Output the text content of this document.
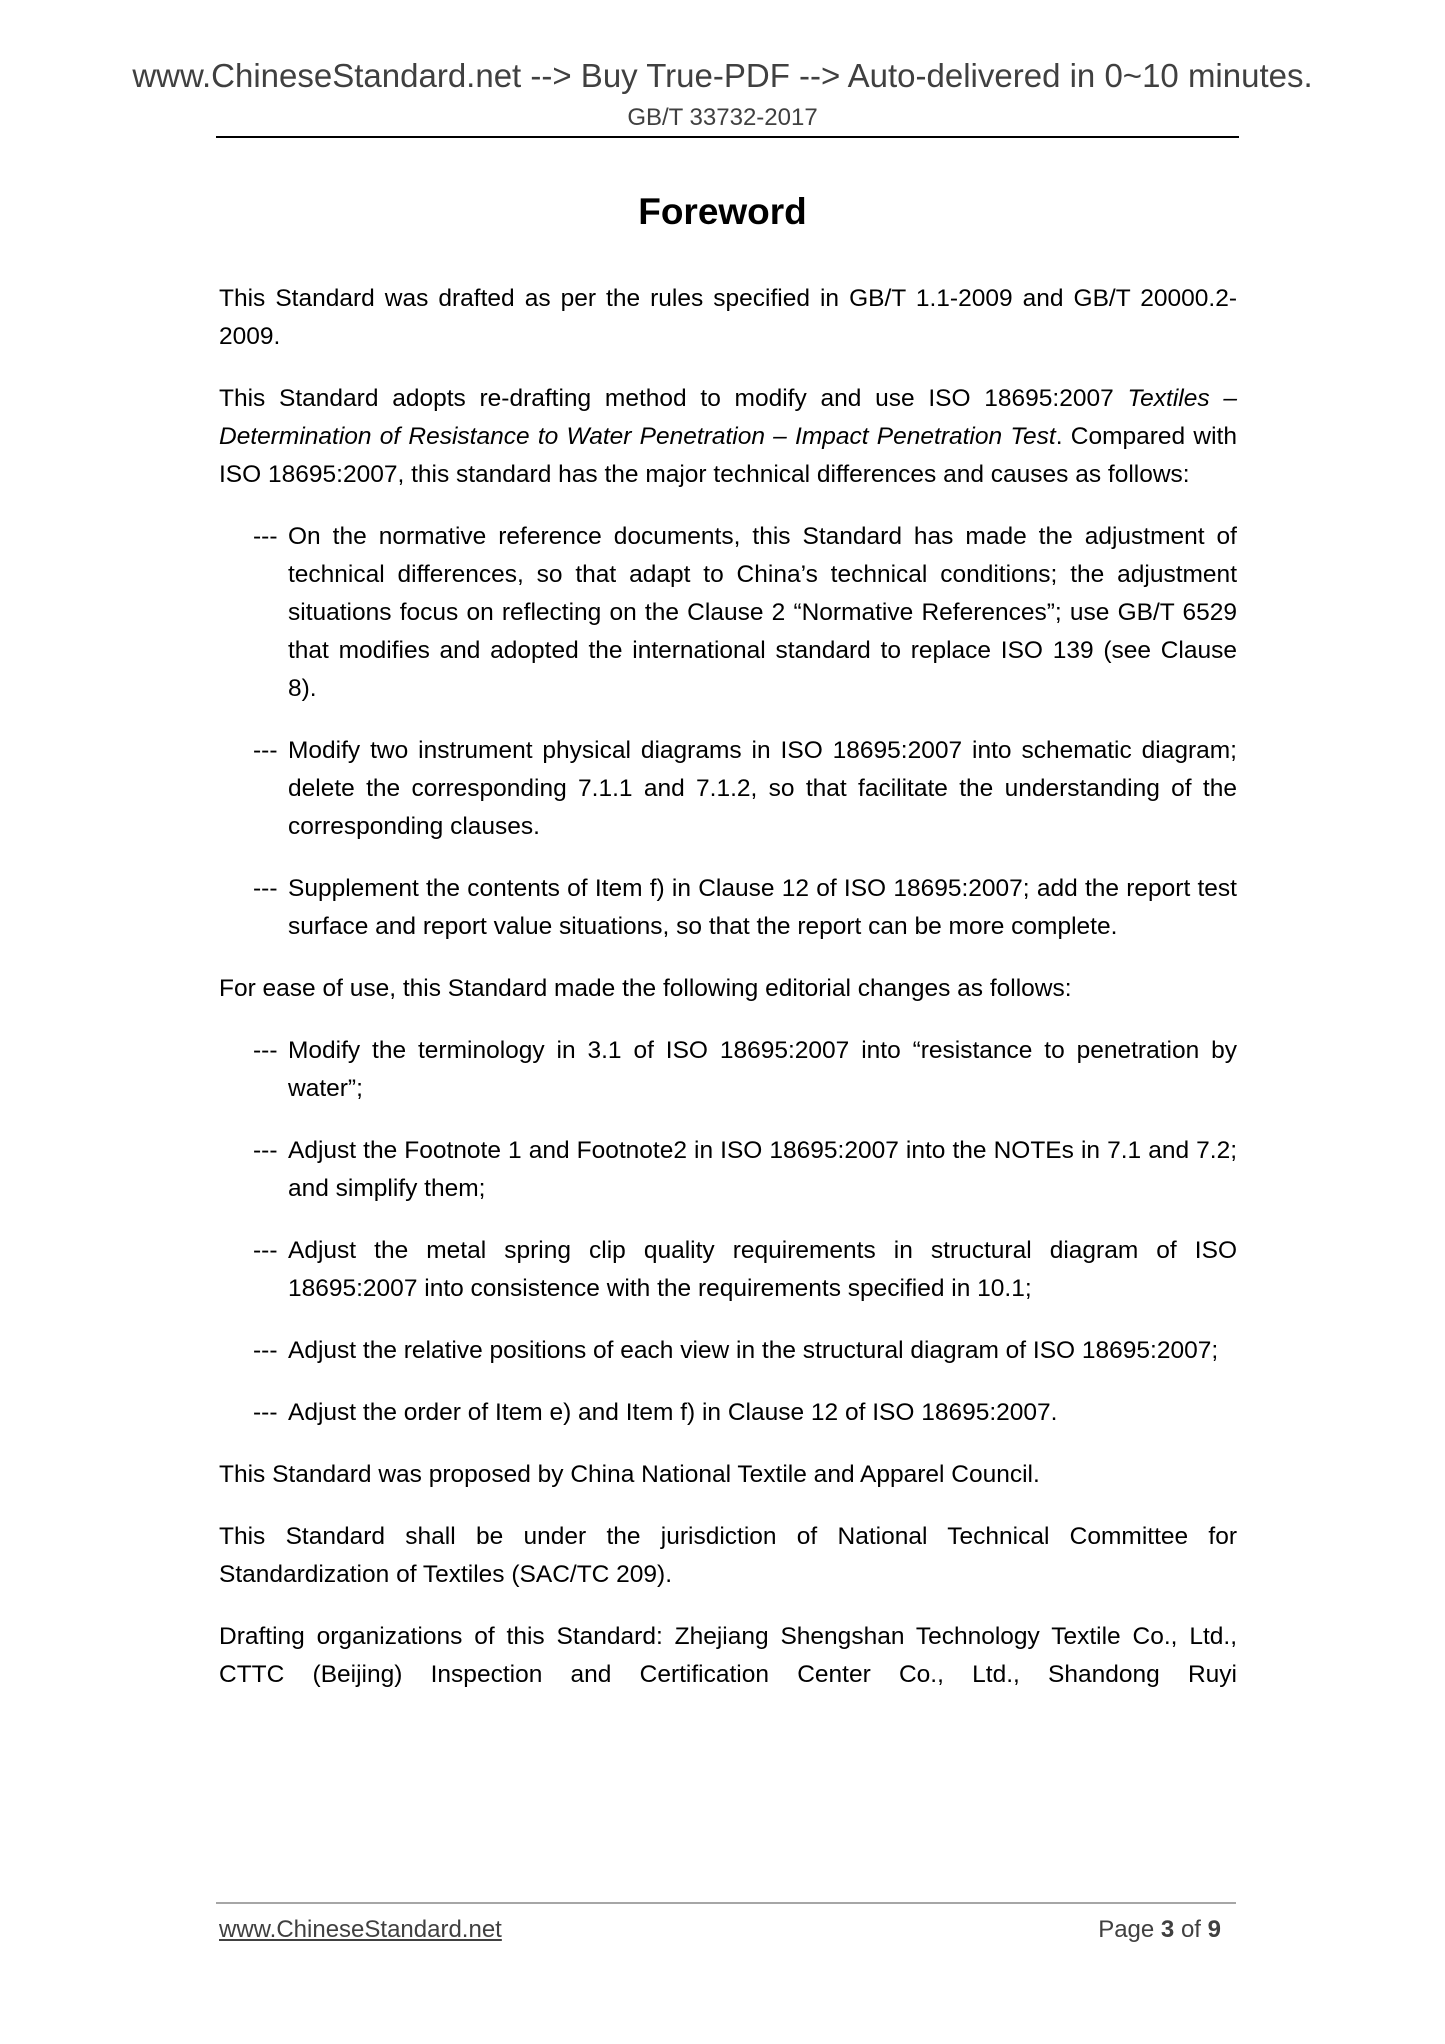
www.ChineseStandard.net --> Buy True-PDF --> Auto-delivered in 0~10 minutes.
GB/T 33732-2017
Foreword

This Standard was drafted as per the rules specified in GB/T 1.1-2009 and GB/T 20000.2-2009.

This Standard adopts re-drafting method to modify and use ISO 18695:2007 Textiles – Determination of Resistance to Water Penetration – Impact Penetration Test. Compared with ISO 18695:2007, this standard has the major technical differences and causes as follows:

--- On the normative reference documents, this Standard has made the adjustment of technical differences, so that adapt to China’s technical conditions; the adjustment situations focus on reflecting on the Clause 2 “Normative References”; use GB/T 6529 that modifies and adopted the international standard to replace ISO 139 (see Clause 8).
--- Modify two instrument physical diagrams in ISO 18695:2007 into schematic diagram; delete the corresponding 7.1.1 and 7.1.2, so that facilitate the understanding of the corresponding clauses.
--- Supplement the contents of Item f) in Clause 12 of ISO 18695:2007; add the report test surface and report value situations, so that the report can be more complete.

For ease of use, this Standard made the following editorial changes as follows:

--- Modify the terminology in 3.1 of ISO 18695:2007 into “resistance to penetration by water”;
--- Adjust the Footnote 1 and Footnote2 in ISO 18695:2007 into the NOTEs in 7.1 and 7.2; and simplify them;
--- Adjust the metal spring clip quality requirements in structural diagram of ISO 18695:2007 into consistence with the requirements specified in 10.1;
--- Adjust the relative positions of each view in the structural diagram of ISO 18695:2007;
--- Adjust the order of Item e) and Item f) in Clause 12 of ISO 18695:2007.

This Standard was proposed by China National Textile and Apparel Council.

This Standard shall be under the jurisdiction of National Technical Committee for Standardization of Textiles (SAC/TC 209).

Drafting organizations of this Standard: Zhejiang Shengshan Technology Textile Co., Ltd., CTTC (Beijing) Inspection and Certification Center Co., Ltd., Shandong Ruyi

www.ChineseStandard.net	Page 3 of 9
